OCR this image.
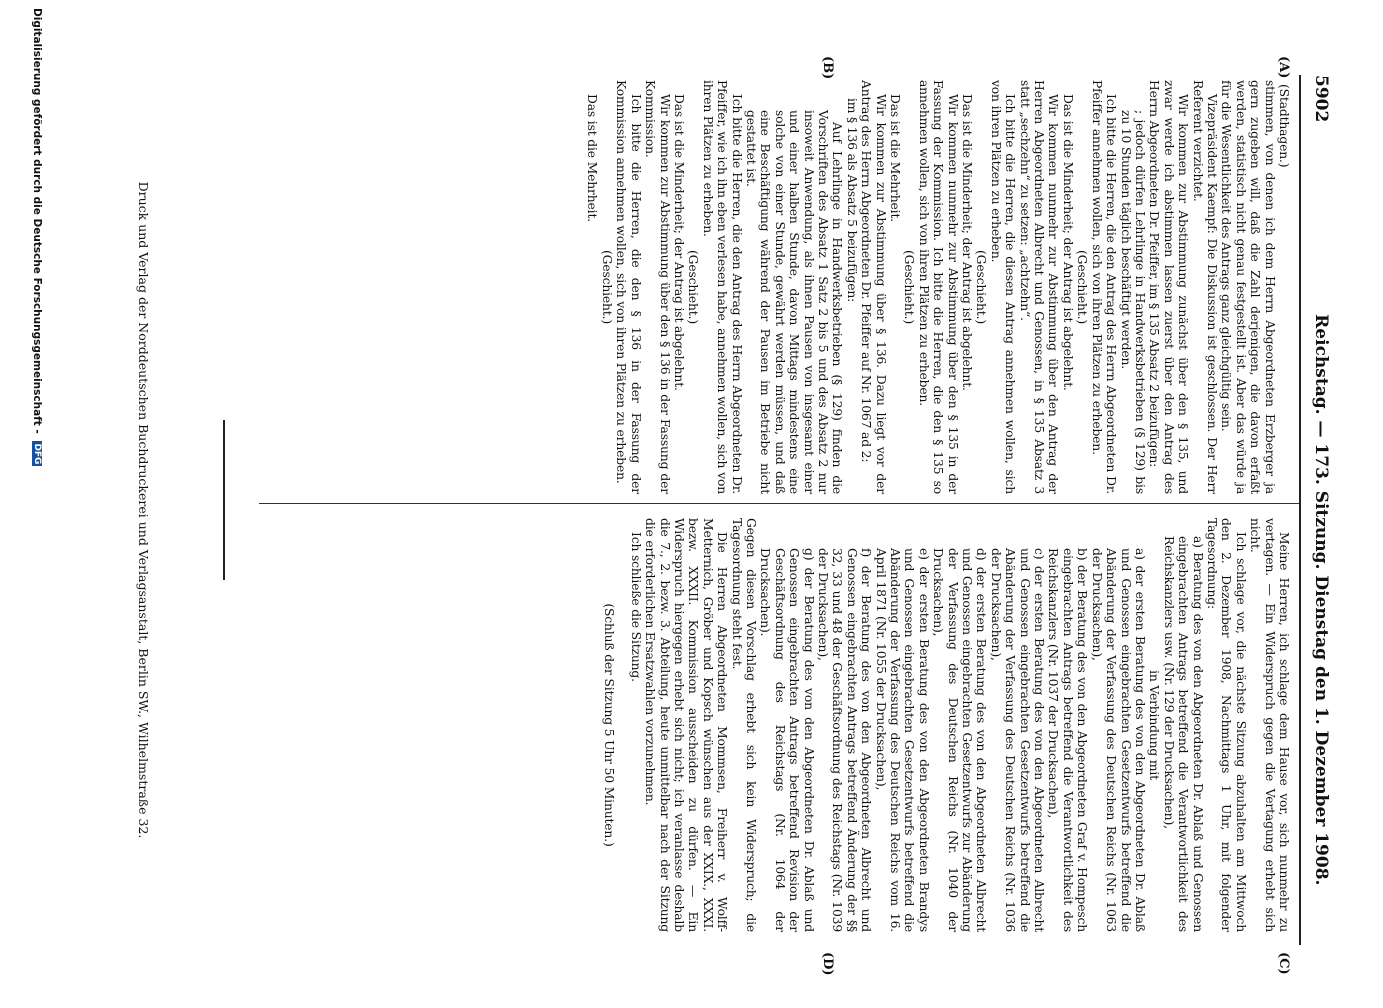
5902  Reichstag. — 173. Sitzung. Dienstag den 1. Dezember 1908.
(A)
(B)
(C)
(D)

(Stadthagen.)

stimmen, von denen ich dem Herrn Abgeordneten Erzberger ja gern zugeben will, daß die Zahl derjenigen, die davon erfaßt werden, statistisch nicht genau festgestellt ist. Aber das würde ja für die Wesentlichkeit des Antrags ganz gleichgültig sein.

Vizepräsident Kaempf: Die Diskussion ist geschlossen. Der Herr Referent verzichtet.

Wir kommen zur Abstimmung zunächst über den § 135, und zwar werde ich abstimmen lassen zuerst über den Antrag des Herrn Abgeordneten Dr. Pfeiffer, im § 135 Absatz 2 beizufügen:

; jedoch dürfen Lehrlinge in Handwerksbetrieben (§ 129) bis zu 10 Stunden täglich beschäftigt werden.

Ich bitte die Herren, die den Antrag des Herrn Abgeordneten Dr. Pfeiffer annehmen wollen, sich von ihren Plätzen zu erheben.

(Geschieht.)

Das ist die Minderheit; der Antrag ist abgelehnt.

Wir kommen nunmehr zur Abstimmung über den Antrag der Herren Abgeordneten Albrecht und Genossen, in § 135 Absatz 3 statt „sechzehn“ zu setzen: „achtzehn“.

Ich bitte die Herren, die diesen Antrag annehmen wollen, sich von ihren Plätzen zu erheben.

(Geschieht.)

Das ist die Minderheit; der Antrag ist abgelehnt.

Wir kommen nunmehr zur Abstimmung über den § 135 in der Fassung der Kommission. Ich bitte die Herren, die den § 135 so annehmen wollen, sich von ihren Plätzen zu erheben.

(Geschieht.)

Das ist die Mehrheit.

Wir kommen zur Abstimmung über § 136. Dazu liegt vor der Antrag des Herrn Abgeordneten Dr. Pfeiffer auf Nr. 1067 ad 2:

im § 136 als Absatz 5 beizufügen:

Auf Lehrlinge in Handwerksbetrieben (§ 129) finden die Vorschriften des Absatz 1 Satz 2 bis 5 und des Absatz 2 nur insoweit Anwendung, als ihnen Pausen von insgesamt einer und einer halben Stunde, davon Mittags mindestens eine solche von einer Stunde, gewährt werden müssen, und daß eine Beschäftigung während der Pausen im Betriebe nicht gestattet ist.

Ich bitte die Herren, die den Antrag des Herrn Abgeordneten Dr. Pfeiffer, wie ich ihn eben verlesen habe, annehmen wollen, sich von ihren Plätzen zu erheben.

(Geschieht.)

Das ist die Minderheit; der Antrag ist abgelehnt.

Wir kommen zur Abstimmung über den § 136 in der Fassung der Kommission.

Ich bitte die Herren, die den § 136 in der Fassung der Kommission annehmen wollen, sich von ihren Plätzen zu erheben.

(Geschieht.)

Das ist die Mehrheit.

Meine Herren, ich schlage dem Hause vor, sich nunmehr zu vertagen. — Ein Widerspruch gegen die Vertagung erhebt sich nicht.

Ich schlage vor, die nächste Sitzung abzuhalten am Mittwoch den 2. Dezember 1908, Nachmittags 1 Uhr, mit folgender Tagesordnung:

a) Beratung des von den Abgeordneten Dr. Ablaß und Genossen eingebrachten Antrags betreffend die Verantwortlichkeit des Reichskanzlers usw. (Nr. 129 der Drucksachen),

in Verbindung mit

a) der ersten Beratung des von den Abgeordneten Dr. Ablaß und Genossen eingebrachten Gesetzentwurfs betreffend die Abänderung der Verfassung des Deutschen Reichs (Nr. 1063 der Drucksachen),

b) der Beratung des von den Abgeordneten Graf v. Hompesch eingebrachten Antrags betreffend die Verantwortlichkeit des Reichskanzlers (Nr. 1037 der Drucksachen),

c) der ersten Beratung des von den Abgeordneten Albrecht und Genossen eingebrachten Gesetzentwurfs betreffend die Abänderung der Verfassung des Deutschen Reichs (Nr. 1036 der Drucksachen),

d) der ersten Beratung des von den Abgeordneten Albrecht und Genossen eingebrachten Gesetzentwurfs zur Abänderung der Verfassung des Deutschen Reichs (Nr. 1040 der Drucksachen),

e) der ersten Beratung des von den Abgeordneten Brandys und Genossen eingebrachten Gesetzentwurfs betreffend die Abänderung der Verfassung des Deutschen Reichs vom 16. April 1871 (Nr. 1055 der Drucksachen),

f) der Beratung des von den Abgeordneten Albrecht und Genossen eingebrachten Antrags betreffend Änderung der §§ 32, 33 und 48 der Geschäftsordnung des Reichstags (Nr. 1039 der Drucksachen),

g) der Beratung des von den Abgeordneten Dr. Ablaß und Genossen eingebrachten Antrags betreffend Revision der Geschäftsordnung des Reichstags (Nr. 1064 der Drucksachen).

Gegen diesen Vorschlag erhebt sich kein Widerspruch; die Tagesordnung steht fest.

Die Herren Abgeordneten Mommsen, Freiherr v. Wolff-Metternich, Gröber und Kopsch wünschen aus der XXIX., XXXI. bezw. XXXII. Kommission ausscheiden zu dürfen. — Ein Widerspruch hiergegen erhebt sich nicht; ich veranlasse deshalb die 7., 2. bezw. 3. Abteilung, heute unmittelbar nach der Sitzung die erforderlichen Ersatzwahlen vorzunehmen.

Ich schließe die Sitzung.

(Schluß der Sitzung 5 Uhr 50 Minuten.)

Druck und Verlag der Norddeutschen Buchdruckerei und Verlagsanstalt, Berlin SW., Wilhelmstraße 32.
Digitalisierung gefördert durch die Deutsche Forschungsgemeinschaft - DFG
